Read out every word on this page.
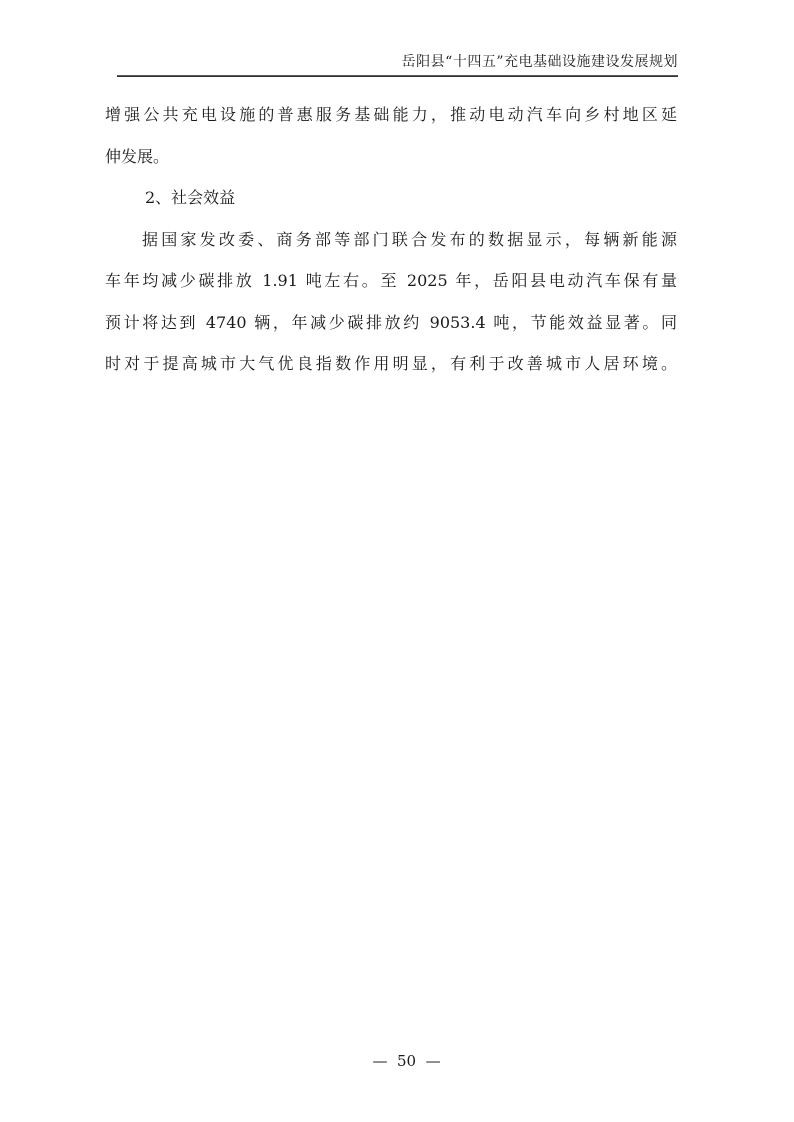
岳阳县“十四五”充电基础设施建设发展规划
增强公共充电设施的普惠服务基础能力，推动电动汽车向乡村地区延
伸发展。
2、社会效益
据国家发改委、商务部等部门联合发布的数据显示，每辆新能源
车年均减少碳排放 1.91 吨左右。至 2025 年，岳阳县电动汽车保有量
预计将达到 4740 辆，年减少碳排放约 9053.4 吨，节能效益显著。同
时对于提高城市大气优良指数作用明显，有利于改善城市人居环境。

—  50  —
